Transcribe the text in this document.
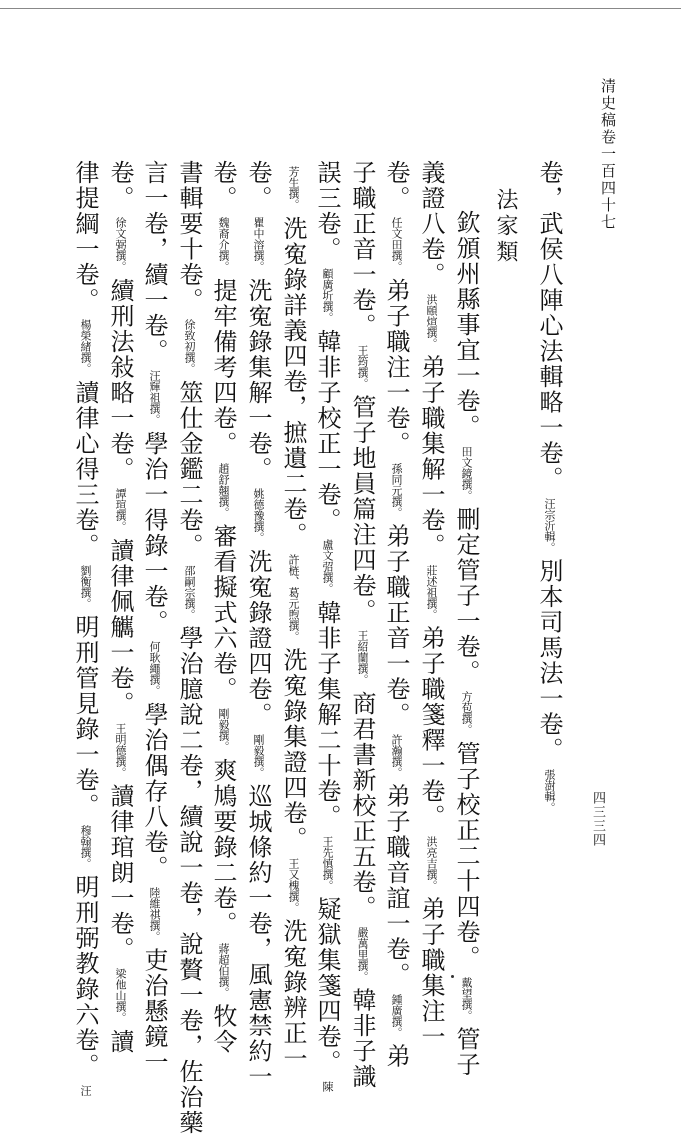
清史稿卷一百四十七
四三三四
卷，武侯八陣心法輯略一卷。汪宗沂輯。別本司馬法一卷。張澍輯。
法家類
欽頒州縣事宜一卷。田文鏡撰。刪定管子一卷。方苞撰。管子校正二十四卷。戴望撰。管子
義證八卷。洪頤煊撰。弟子職集解一卷。莊述祖撰。弟子職箋釋一卷。洪亮吉撰。弟子職集注一
卷。任文田撰。弟子職注一卷。孫同元撰。弟子職正音一卷。許瀚撰。弟子職音誼一卷。鍾廣撰。弟
子職正音一卷。王筠撰。管子地員篇注四卷。王紹蘭撰。商君書新校正五卷。嚴萬里撰。韓非子識
誤三卷。顧廣圻撰。韓非子校正一卷。盧文弨撰。韓非子集解二十卷。王先慎撰。疑獄集箋四卷。陳
芳生撰。洗寃錄詳義四卷，摭遺二卷。許梿、葛元煦撰。洗寃錄集證四卷。王又槐撰。洗寃錄辨正一
卷。瞿中溶撰。洗寃錄集解一卷。姚德豫撰。洗寃錄證四卷。剛毅撰。巡城條約一卷，風憲禁約一
卷。魏裔介撰。提牢備考四卷。趙舒翹撰。審看擬式六卷。剛毅撰。爽鳩要錄二卷。蔣超伯撰。牧令
書輯要十卷。徐致初撰。筮仕金鑑二卷。邵嗣宗撰。學治臆說二卷，續說一卷，說贅一卷，佐治藥
言一卷，續一卷。汪輝祖撰。學治一得錄一卷。何耿繩撰。學治偶存八卷。陸維祺撰。吏治懸鏡一
卷。徐文弼撰。續刑法敍略一卷。譚瑄撰。讀律佩觽一卷。王明德撰。讀律琯朗一卷。梁他山撰。讀
律提綱一卷。楊榮緒撰。讀律心得三卷。劉衡撰。明刑管見錄一卷。穆翰撰。明刑弼教錄六卷。汪
